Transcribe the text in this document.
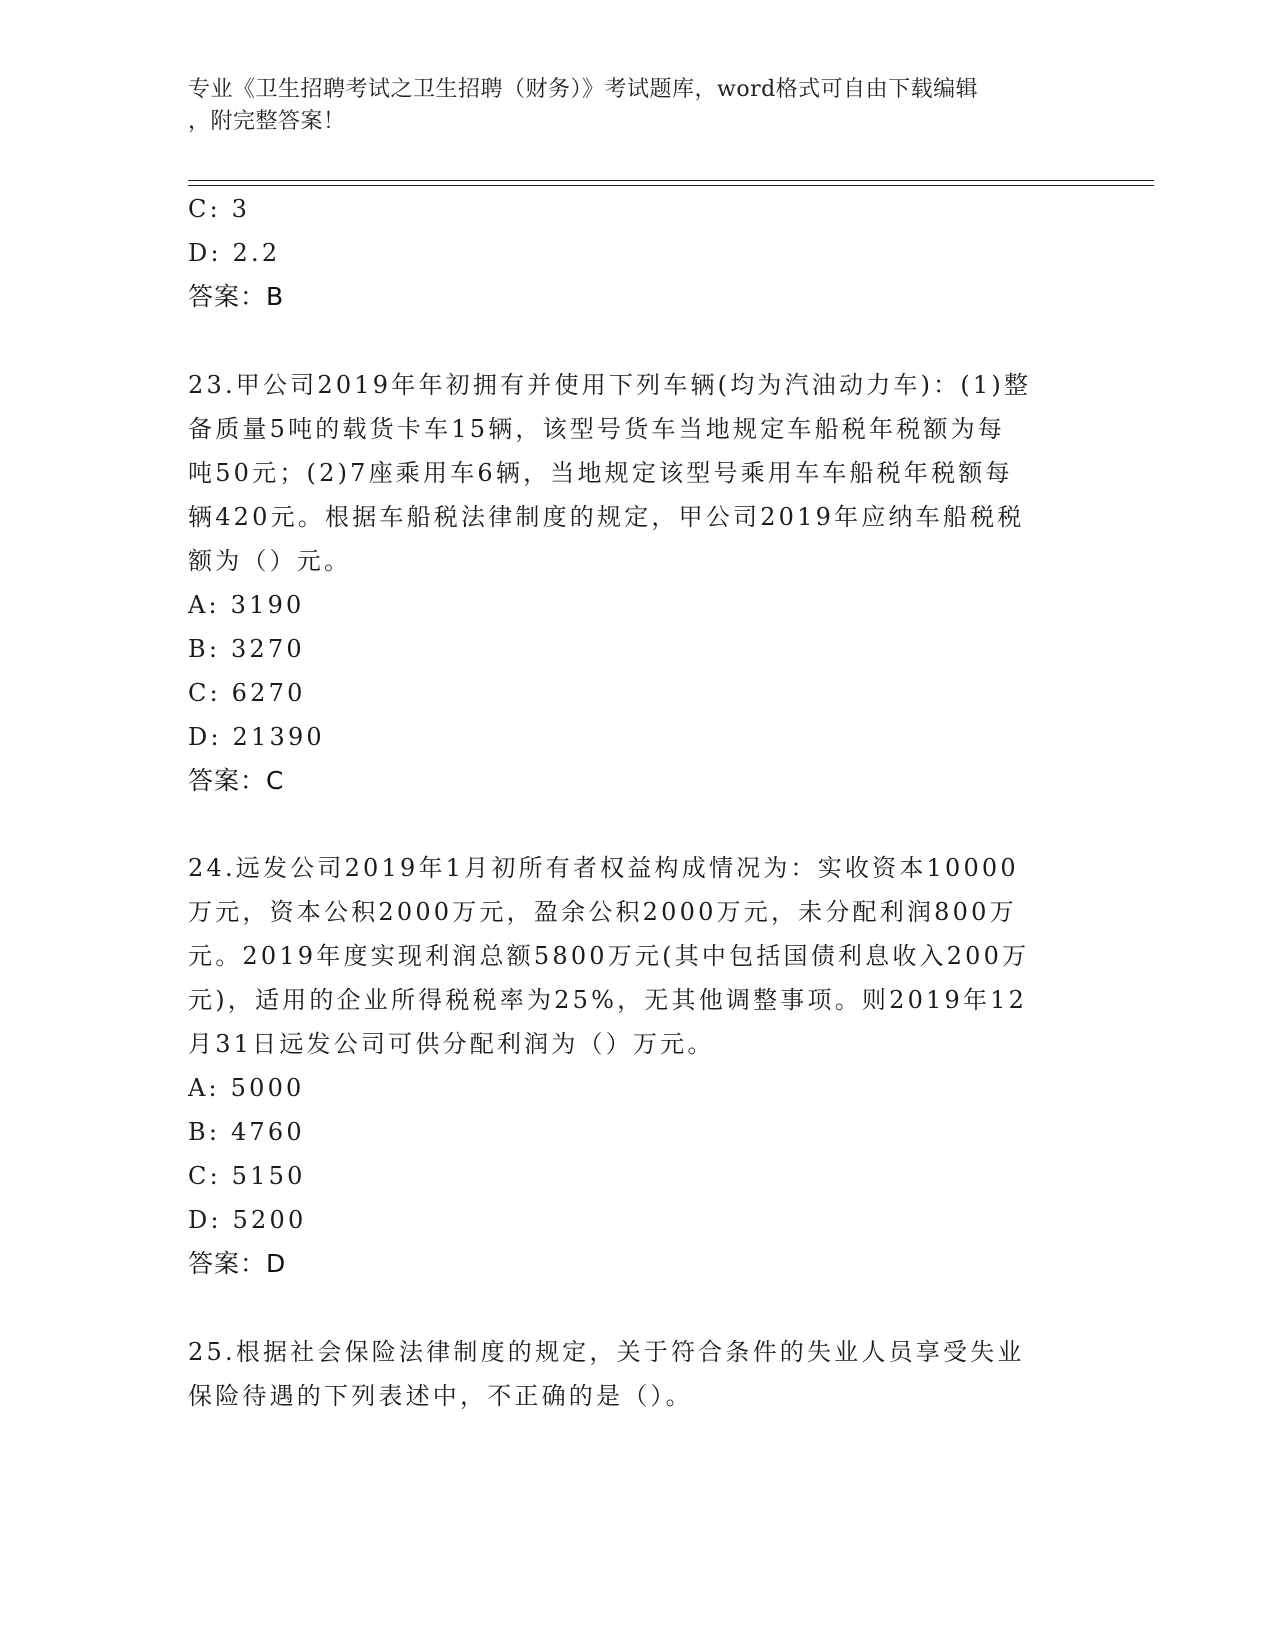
专业《卫生招聘考试之卫生招聘（财务）》考试题库，word格式可自由下载编辑
，附完整答案！
C: 3
D: 2.2
答案：B
23.甲公司2019年年初拥有并使用下列车辆(均为汽油动力车)：(1)整
备质量5吨的载货卡车15辆，该型号货车当地规定车船税年税额为每
吨50元；(2)7座乘用车6辆，当地规定该型号乘用车车船税年税额每
辆420元。根据车船税法律制度的规定，甲公司2019年应纳车船税税
额为（）元。
A: 3190
B: 3270
C: 6270
D: 21390
答案：C
24.远发公司2019年1月初所有者权益构成情况为：实收资本10000
万元，资本公积2000万元，盈余公积2000万元，未分配利润800万
元。2019年度实现利润总额5800万元(其中包括国债利息收入200万
元)，适用的企业所得税税率为25%，无其他调整事项。则2019年12
月31日远发公司可供分配利润为（）万元。
A: 5000
B: 4760
C: 5150
D: 5200
答案：D
25.根据社会保险法律制度的规定，关于符合条件的失业人员享受失业
保险待遇的下列表述中，不正确的是（）。
